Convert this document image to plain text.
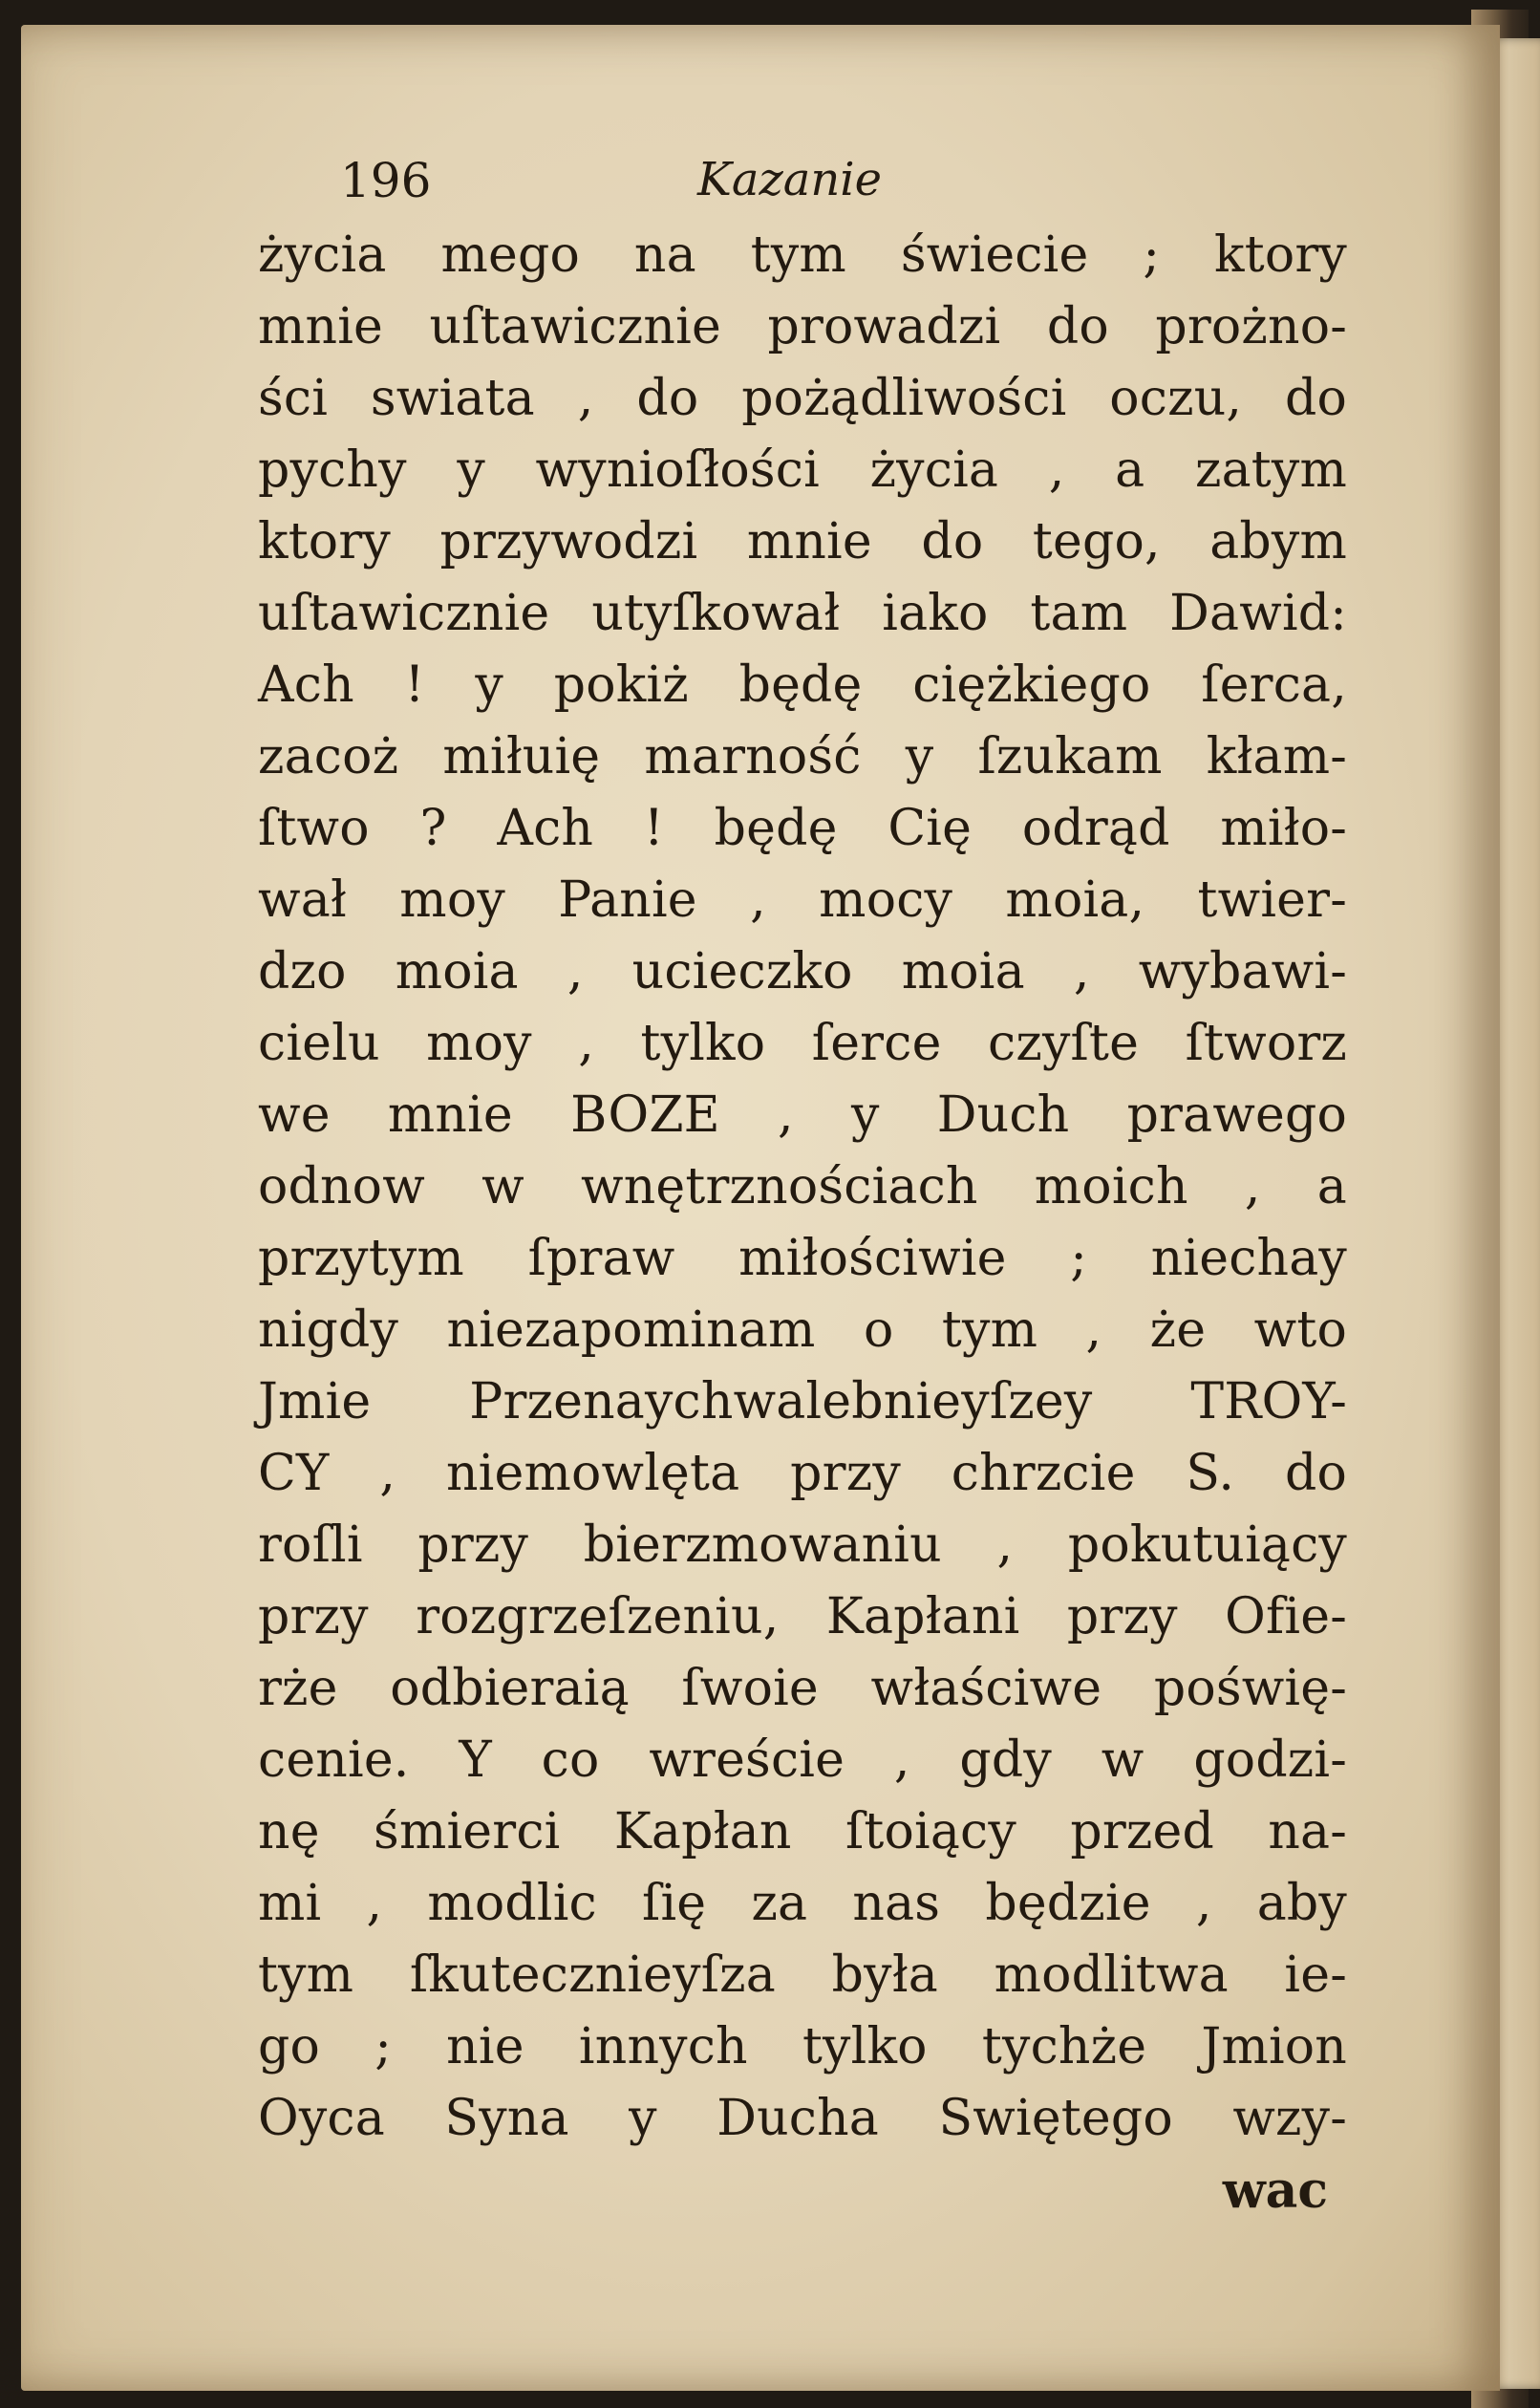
196	Kazanie
życia mego na tym świecie ; ktory
mnie uſtawicznie prowadzi do prożno-
ści swiata , do pożądliwości oczu, do
pychy y wynioſłości życia , a zatym
ktory przywodzi mnie do tego, abym
uſtawicznie utyſkował iako tam Dawid:
Ach ! y pokiż będę ciężkiego ſerca,
zacoż miłuię marność y ſzukam kłam-
ſtwo ? Ach ! będę Cię odrąd miło-
wał moy Panie , mocy moia, twier-
dzo moia , ucieczko moia , wybawi-
cielu moy , tylko ſerce czyſte ſtworz
we mnie BOZE , y Duch prawego
odnow w wnętrznościach moich , a
przytym ſpraw miłościwie ; niechay
nigdy niezapominam o tym , że wto
Jmie Przenaychwalebnieyſzey TROY-
CY , niemowlęta przy chrzcie S. do
roſli przy bierzmowaniu , pokutuiący
przy rozgrzeſzeniu, Kapłani przy Ofie-
rże odbieraią ſwoie właściwe poświę-
cenie. Y co wreście , gdy w godzi-
nę śmierci Kapłan ſtoiący przed na-
mi , modlic ſię za nas będzie , aby
tym ſkutecznieyſza była modlitwa ie-
go ; nie innych tylko tychże Jmion
Oyca Syna y Ducha Swiętego wzy-
wac
